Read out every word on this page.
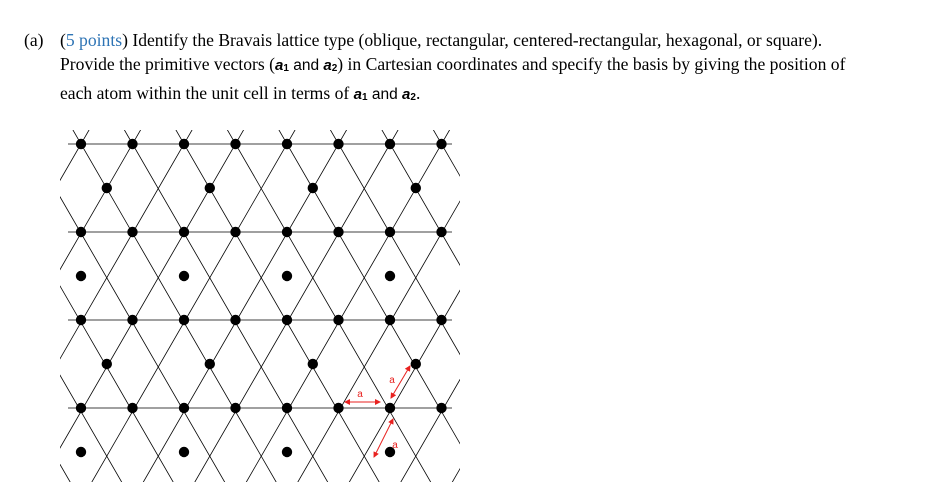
(a) (5 points) Identify the Bravais lattice type (oblique, rectangular, centered-rectangular, hexagonal, or square).
Provide the primitive vectors ($a_1$ and $a_2$) in Cartesian coordinates and specify the basis by giving the position of
each atom within the unit cell in terms of $a_1$ and $a_2$.
a
a
a
